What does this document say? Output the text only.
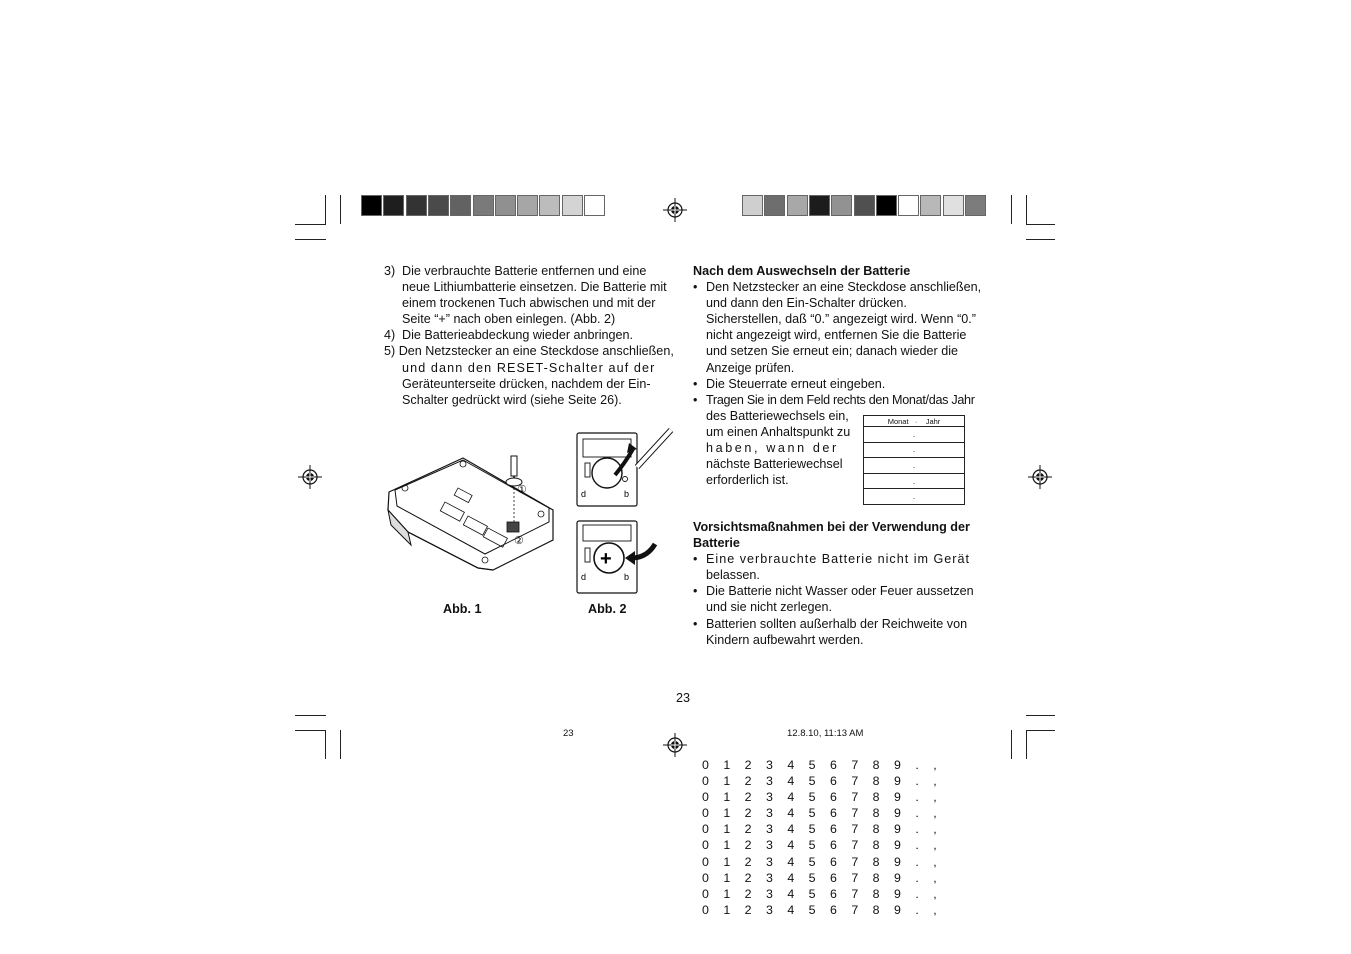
3) Die verbrauchte Batterie entfernen und eine
neue Lithiumbatterie einsetzen. Die Batterie mit
einem trockenen Tuch abwischen und mit der
Seite “+” nach oben einlegen. (Abb. 2)
4) Die Batterieabdeckung wieder anbringen.
5) Den Netzstecker an eine Steckdose anschließen,
und dann den RESET-Schalter auf der
Geräteunterseite drücken, nachdem der Ein-
Schalter gedrückt wird (siehe Seite 26).
①
②
d	b
+
d	b
Abb. 1	Abb. 2
Nach dem Auswechseln der Batterie
• Den Netzstecker an eine Steckdose anschließen,
und dann den Ein-Schalter drücken.
Sicherstellen, daß “0.” angezeigt wird. Wenn “0.”
nicht angezeigt wird, entfernen Sie die Batterie
und setzen Sie erneut ein; danach wieder die
Anzeige prüfen.
• Die Steuerrate erneut eingeben.
• Tragen Sie in dem Feld rechts den Monat/das Jahr
des Batteriewechsels ein,
um einen Anhaltspunkt zu
haben, wann der
nächste Batteriewechsel
erforderlich ist.
Monat · Jahr
.
.
.
.
.
Vorsichtsmaßnahmen bei der Verwendung der
Batterie
• Eine verbrauchte Batterie nicht im Gerät
belassen.
• Die Batterie nicht Wasser oder Feuer aussetzen
und sie nicht zerlegen.
• Batterien sollten außerhalb der Reichweite von
Kindern aufbewahrt werden.
23
23	12.8.10, 11:13 AM
0 1 2 3 4 5 6 7 8 9 . ,
0 1 2 3 4 5 6 7 8 9 . ,
0 1 2 3 4 5 6 7 8 9 . ,
0 1 2 3 4 5 6 7 8 9 . ,
0 1 2 3 4 5 6 7 8 9 . ,
0 1 2 3 4 5 6 7 8 9 . ,
0 1 2 3 4 5 6 7 8 9 . ,
0 1 2 3 4 5 6 7 8 9 . ,
0 1 2 3 4 5 6 7 8 9 . ,
0 1 2 3 4 5 6 7 8 9 . ,
